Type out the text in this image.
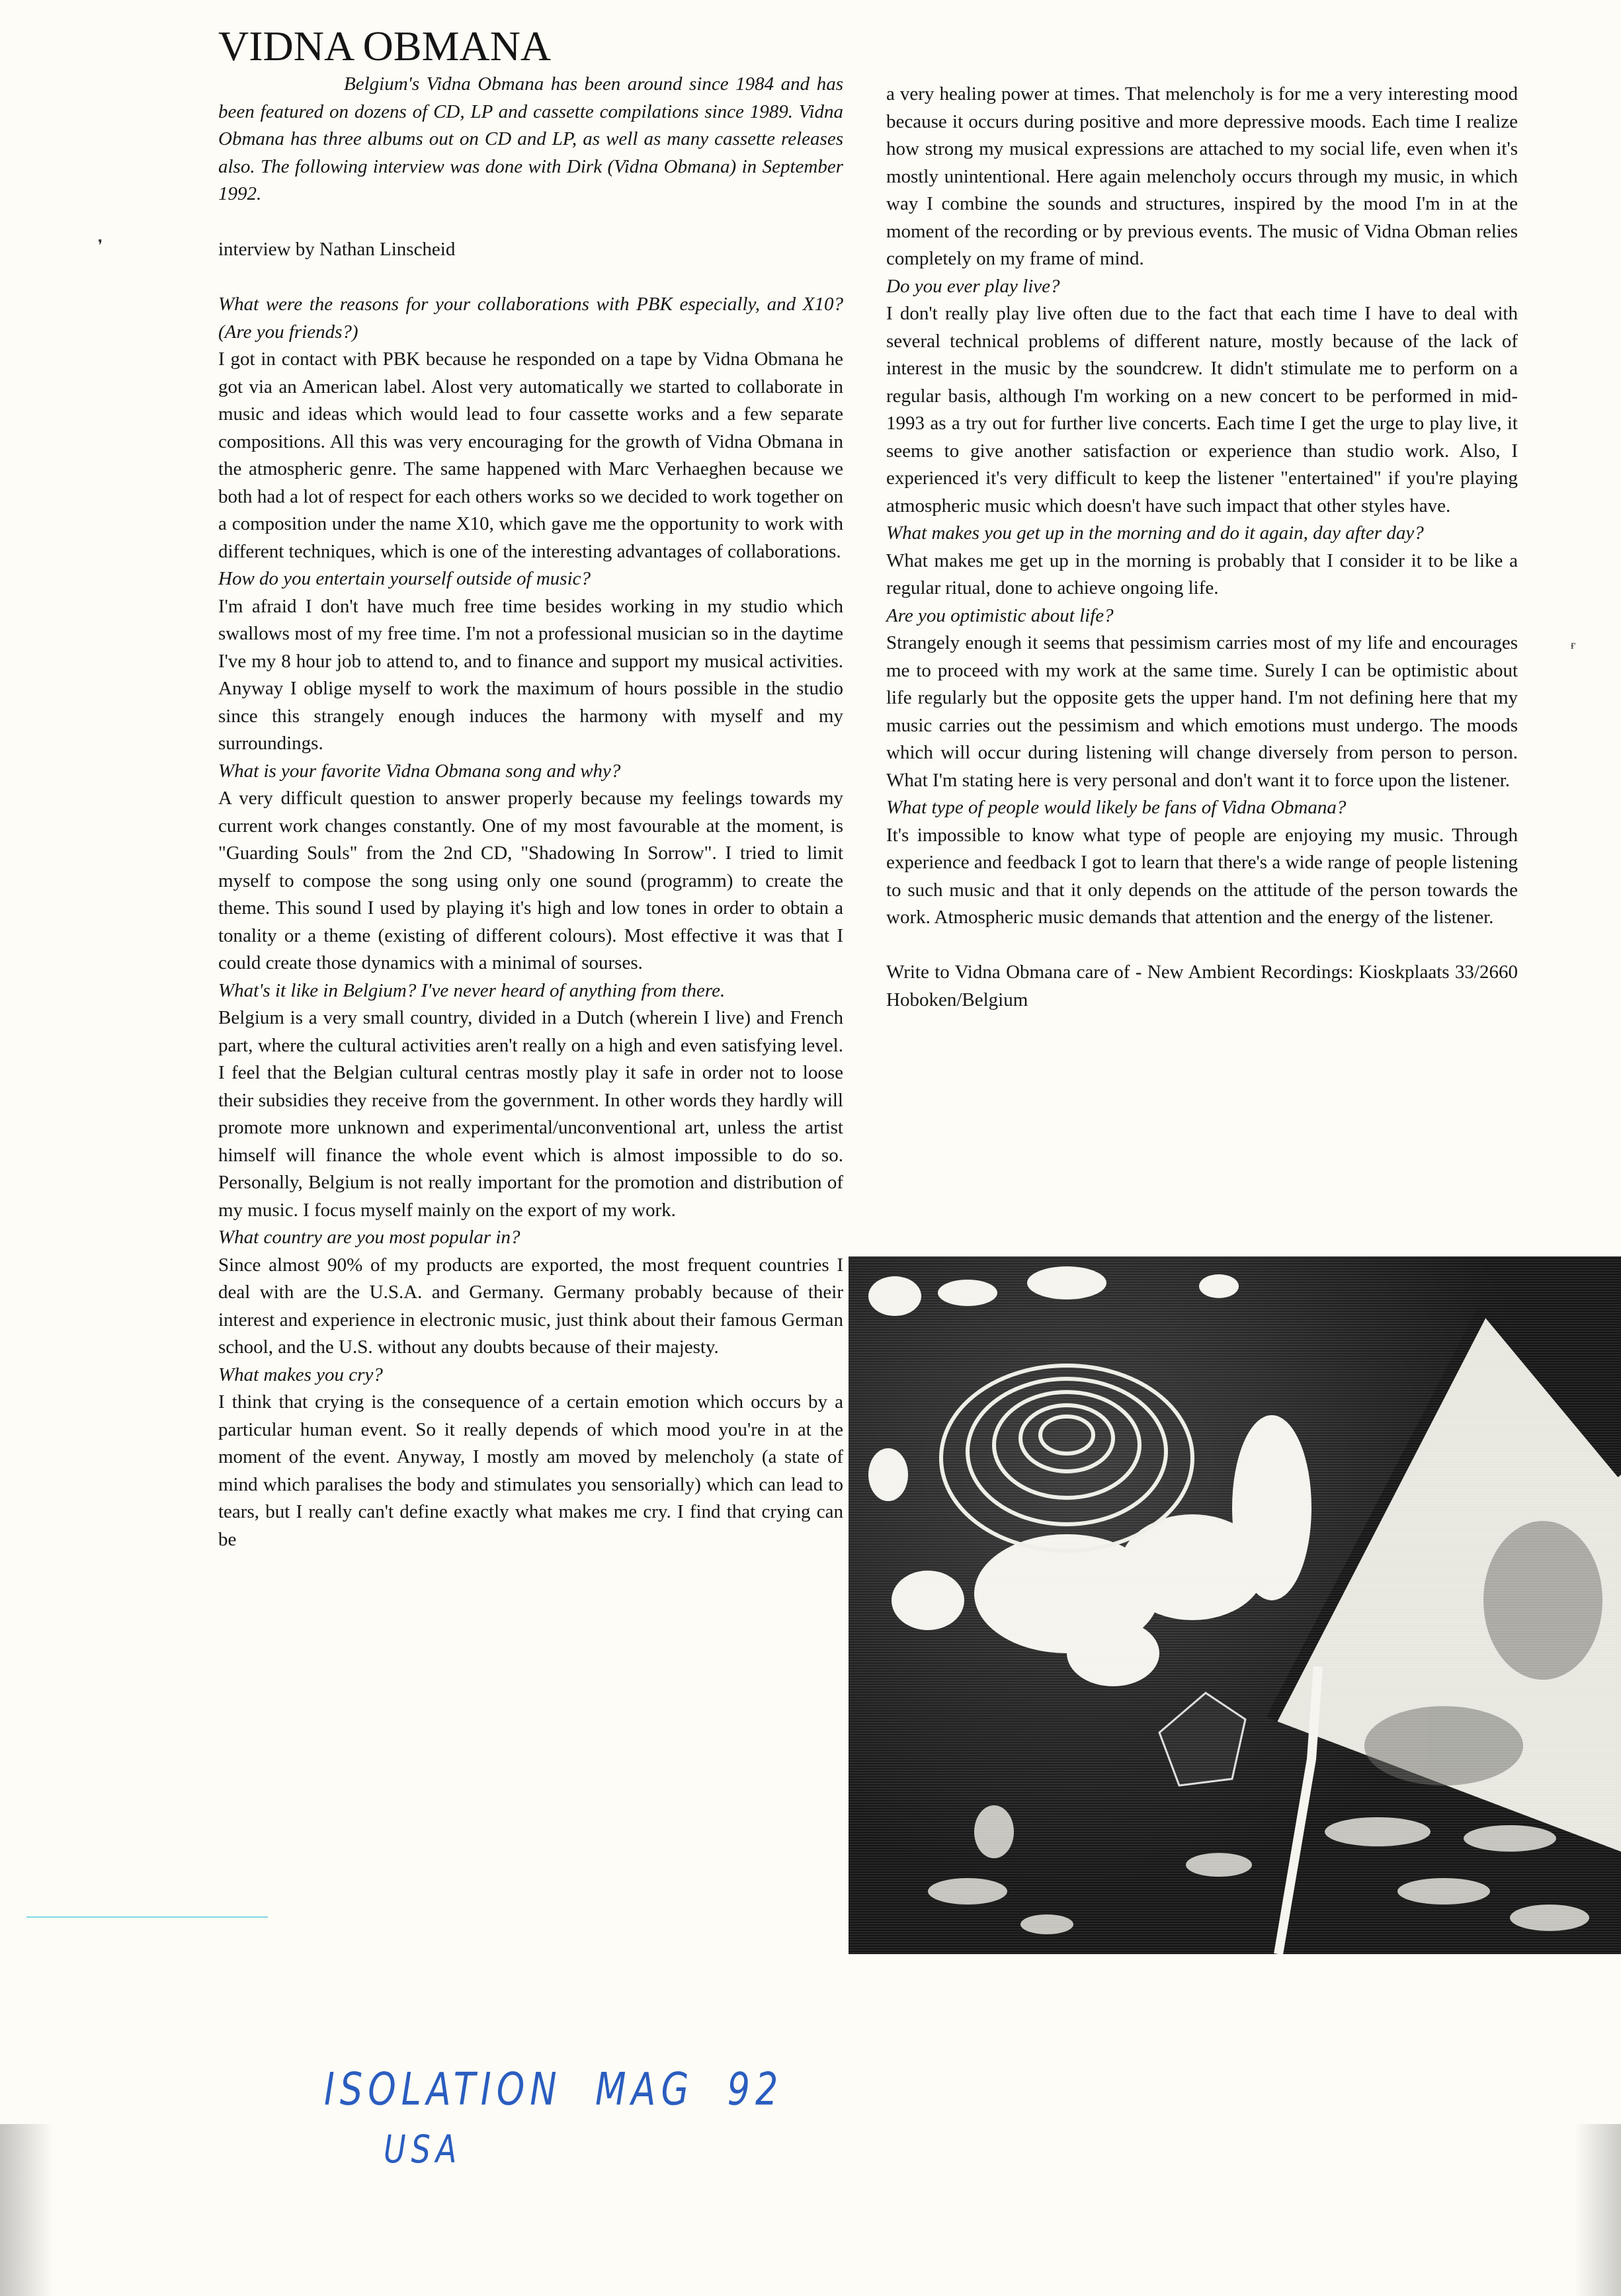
❜
ғ
VIDNA OBMANA

Belgium's Vidna Obmana has been around since 1984 and has been featured on dozens of CD, LP and cassette compilations since 1989. Vidna Obmana has three albums out on CD and LP, as well as many cassette releases also. The following interview was done with Dirk (Vidna Obmana) in September 1992.

interview by Nathan Linscheid

What were the reasons for your collaborations with PBK especially, and X10? (Are you friends?)

I got in contact with PBK because he responded on a tape by Vidna Obmana he got via an American label. Alost very automatically we started to collaborate in music and ideas which would lead to four cassette works and a few separate compositions. All this was very encouraging for the growth of Vidna Obmana in the atmospheric genre. The same happened with Marc Verhaeghen because we both had a lot of respect for each others works so we decided to work together on a composition under the name X10, which gave me the opportunity to work with different techniques, which is one of the interesting advantages of collaborations.

How do you entertain yourself outside of music?

I'm afraid I don't have much free time besides working in my studio which swallows most of my free time. I'm not a professional musician so in the daytime I've my 8 hour job to attend to, and to finance and support my musical activities. Anyway I oblige myself to work the maximum of hours possible in the studio since this strangely enough induces the harmony with myself and my surroundings.

What is your favorite Vidna Obmana song and why?

A very difficult question to answer properly because my feelings towards my current work changes constantly. One of my most favourable at the moment, is "Guarding Souls" from the 2nd CD, "Shadowing In Sorrow". I tried to limit myself to compose the song using only one sound (programm) to create the theme. This sound I used by playing it's high and low tones in order to obtain a tonality or a theme (existing of different colours). Most effective it was that I could create those dynamics with a minimal of sourses.

What's it like in Belgium? I've never heard of anything from there.

Belgium is a very small country, divided in a Dutch (wherein I live) and French part, where the cultural activities aren't really on a high and even satisfying level. I feel that the Belgian cultural centras mostly play it safe in order not to loose their subsidies they receive from the government. In other words they hardly will promote more unknown and experimental/unconventional art, unless the artist himself will finance the whole event which is almost impossible to do so. Personally, Belgium is not really important for the promotion and distribution of my music. I focus myself mainly on the export of my work.

What country are you most popular in?

Since almost 90% of my products are exported, the most frequent countries I deal with are the U.S.A. and Germany. Germany probably because of their interest and experience in electronic music, just think about their famous German school, and the U.S. without any doubts because of their majesty.

What makes you cry?

I think that crying is the consequence of a certain emotion which occurs by a particular human event. So it really depends of which mood you're in at the moment of the event. Anyway, I mostly am moved by melencholy (a state of mind which paralises the body and stimulates you sensorially) which can lead to tears, but I really can't define exactly what makes me cry. I find that crying can be

a very healing power at times. That melencholy is for me a very interesting mood because it occurs during positive and more depressive moods. Each time I realize how strong my musical expressions are attached to my social life, even when it's mostly unintentional. Here again melencholy occurs through my music, in which way I combine the sounds and structures, inspired by the mood I'm in at the moment of the recording or by previous events. The music of Vidna Obman relies completely on my frame of mind.

Do you ever play live?

I don't really play live often due to the fact that each time I have to deal with several technical problems of different nature, mostly because of the lack of interest in the music by the soundcrew. It didn't stimulate me to perform on a regular basis, although I'm working on a new concert to be performed in mid-1993 as a try out for further live concerts. Each time I get the urge to play live, it seems to give another satisfaction or experience than studio work. Also, I experienced it's very difficult to keep the listener "entertained" if you're playing atmospheric music which doesn't have such impact that other styles have.

What makes you get up in the morning and do it again, day after day?

What makes me get up in the morning is probably that I consider it to be like a regular ritual, done to achieve ongoing life.

Are you optimistic about life?

Strangely enough it seems that pessimism carries most of my life and encourages me to proceed with my work at the same time. Surely I can be optimistic about life regularly but the opposite gets the upper hand. I'm not defining here that my music carries out the pessimism and which emotions must undergo. The moods which will occur during listening will change diversely from person to person. What I'm stating here is very personal and don't want it to force upon the listener.

What type of people would likely be fans of Vidna Obmana?

It's impossible to know what type of people are enjoying my music. Through experience and feedback I got to learn that there's a wide range of people listening to such music and that it only depends on the attitude of the person towards the work. Atmospheric music demands that attention and the energy of the listener.

Write to Vidna Obmana care of - New Ambient Recordings: Kioskplaats 33/2660 Hoboken/Belgium

ISOLATION  MAG  92
USA
